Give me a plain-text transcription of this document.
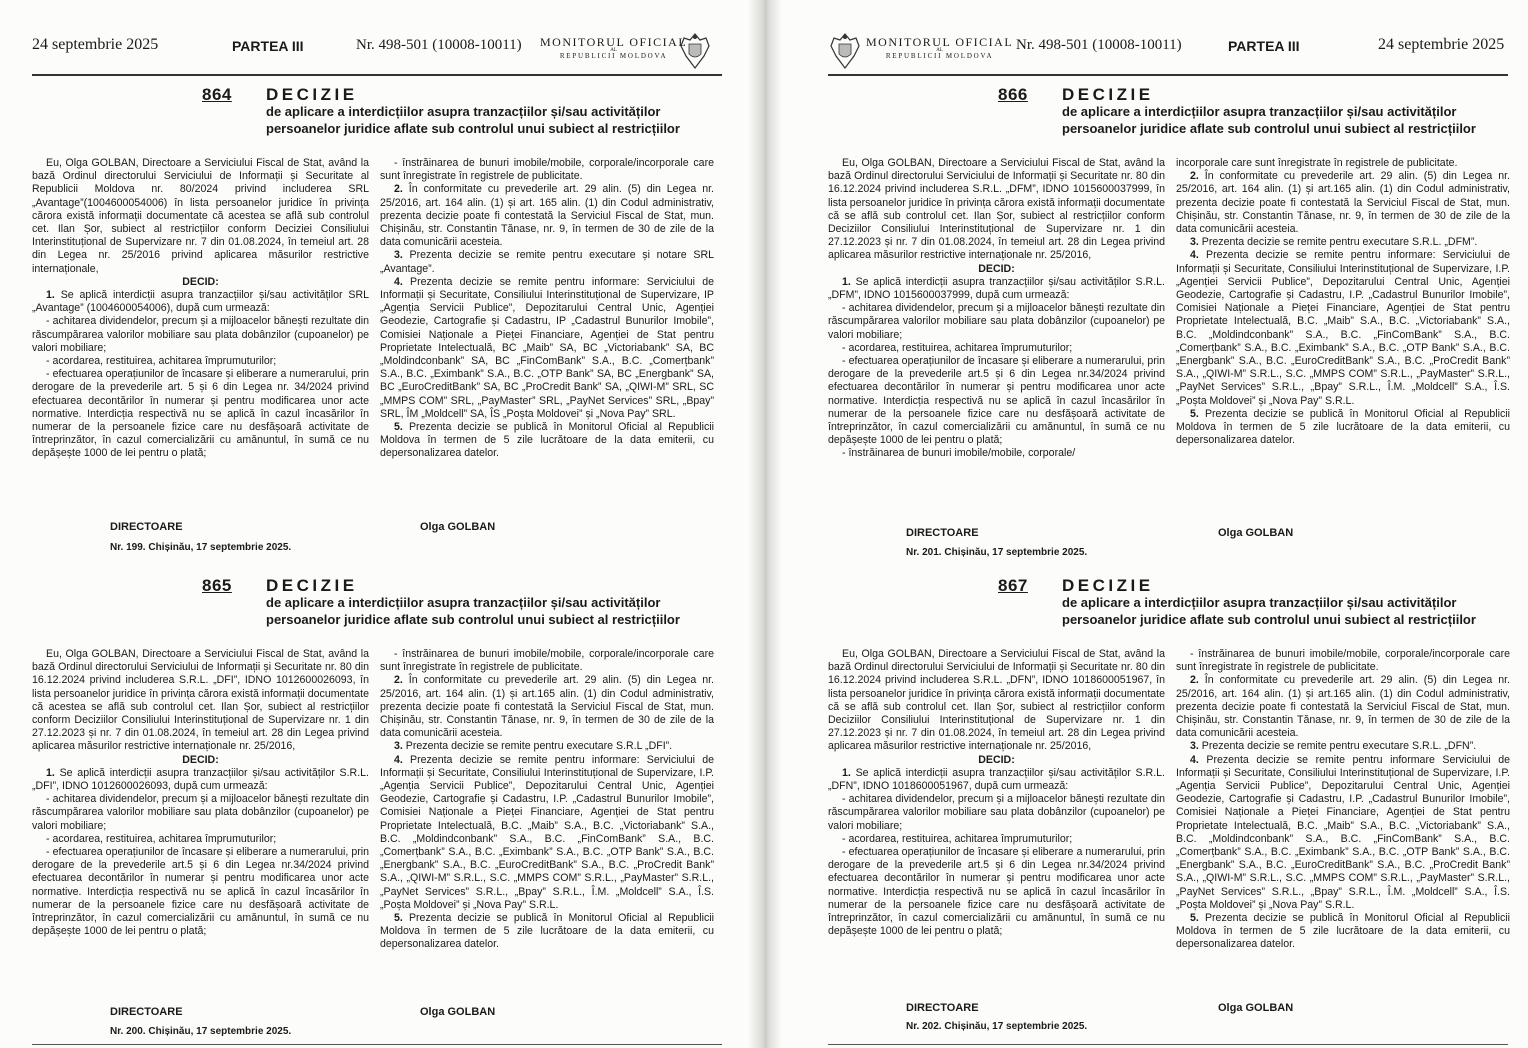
24 septembrie 2025	PARTEA III	Nr. 498-501 (10008-10011) MONITORUL OFICIAL
AL
REPUBLICII MOLDOVA
864 DECIZIE
de aplicare a interdicțiilor asupra tranzacțiilor și/sau activităților persoanelor juridice aflate sub controlul unui subiect al restricțiilor

Eu, Olga GOLBAN, Directoare a Serviciului Fiscal de Stat, având la bază Ordinul directorului Serviciului de Informații și Securitate al Republicii Moldova nr. 80/2024 privind includerea SRL „Avantage”(1004600054006) în lista persoanelor juridice în privința cărora există informații documentate că acestea se află sub controlul cet. Ilan Șor, subiect al restricțiilor conform Deciziei Consiliului Interinstituțional de Supervizare nr. 7 din 01.08.2024, în temeiul art. 28 din Legea nr. 25/2016 privind aplicarea măsurilor restrictive internaționale,

DECID:

1. Se aplică interdicții asupra tranzacțiilor și/sau activităților SRL „Avantage” (1004600054006), după cum urmează:

- achitarea dividendelor, precum și a mijloacelor bănești rezultate din răscumpărarea valorilor mobiliare sau plata dobânzilor (cupoanelor) pe valori mobiliare;

- acordarea, restituirea, achitarea împrumuturilor;

- efectuarea operațiunilor de încasare și eliberare a numerarului, prin derogare de la prevederile art. 5 și 6 din Legea nr. 34/2024 privind efectuarea decontărilor în numerar și pentru modificarea unor acte normative. Interdicția respectivă nu se aplică în cazul încasărilor în numerar de la persoanele fizice care nu desfășoară activitate de întreprinzător, în cazul comercializării cu amănuntul, în sumă ce nu depășește 1000 de lei pentru o plată;

- înstrăinarea de bunuri imobile/mobile, corporale/incorporale care sunt înregistrate în registrele de publicitate.

2. În conformitate cu prevederile art. 29 alin. (5) din Legea nr. 25/2016, art. 164 alin. (1) și art. 165 alin. (1) din Codul administrativ, prezenta decizie poate fi contestată la Serviciul Fiscal de Stat, mun. Chișinău, str. Constantin Tănase, nr. 9, în termen de 30 de zile de la data comunicării acesteia.

3. Prezenta decizie se remite pentru executare și notare SRL „Avantage”.

4. Prezenta decizie se remite pentru informare: Serviciului de Informații și Securitate, Consiliului Interinstituțional de Supervizare, IP „Agenția Servicii Publice”, Depozitarului Central Unic, Agenției Geodezie, Cartografie și Cadastru, IP „Cadastrul Bunurilor Imobile”, Comisiei Naționale a Pieței Financiare, Agenției de Stat pentru Proprietate Intelectuală, BC „Maib” SA, BC „Victoriabank” SA, BC „Moldindconbank” SA, BC „FinComBank” S.A., B.C. „Comerțbank” S.A., B.C. „Eximbank” S.A., B.C. „OTP Bank” SA, BC „Energbank” SA, BC „EuroCreditBank” SA, BC „ProCredit Bank” SA, „QIWI-M” SRL, SC „MMPS COM” SRL, „PayMaster” SRL, „PayNet Services” SRL, „Bpay” SRL, ÎM „Moldcell” SA, ÎS „Poșta Moldovei” și „Nova Pay” SRL.

5. Prezenta decizie se publică în Monitorul Oficial al Republicii Moldova în termen de 5 zile lucrătoare de la data emiterii, cu depersonalizarea datelor.

DIRECTOARE	Olga GOLBAN
Nr. 199. Chișinău, 17 septembrie 2025.
865 DECIZIE
de aplicare a interdicțiilor asupra tranzacțiilor și/sau activităților persoanelor juridice aflate sub controlul unui subiect al restricțiilor

Eu, Olga GOLBAN, Directoare a Serviciului Fiscal de Stat, având la bază Ordinul directorului Serviciului de Informații și Securitate nr. 80 din 16.12.2024 privind includerea S.R.L. „DFI”, IDNO 1012600026093, în lista persoanelor juridice în privința cărora există informații documentate că acestea se află sub controlul cet. Ilan Șor, subiect al restricțiilor conform Deciziilor Consiliului Interinstituțional de Supervizare nr. 1 din 27.12.2023 și nr. 7 din 01.08.2024, în temeiul art. 28 din Legea privind aplicarea măsurilor restrictive internaționale nr. 25/2016,

DECID:

1. Se aplică interdicții asupra tranzacțiilor și/sau activităților S.R.L. „DFI”, IDNO 1012600026093, după cum urmează:

- achitarea dividendelor, precum și a mijloacelor bănești rezultate din răscumpărarea valorilor mobiliare sau plata dobânzilor (cupoanelor) pe valori mobiliare;

- acordarea, restituirea, achitarea împrumuturilor;

- efectuarea operațiunilor de încasare și eliberare a numerarului, prin derogare de la prevederile art.5 și 6 din Legea nr.34/2024 privind efectuarea decontărilor în numerar și pentru modificarea unor acte normative. Interdicția respectivă nu se aplică în cazul încasărilor în numerar de la persoanele fizice care nu desfășoară activitate de întreprinzător, în cazul comercializării cu amănuntul, în sumă ce nu depășește 1000 de lei pentru o plată;

- înstrăinarea de bunuri imobile/mobile, corporale/incorporale care sunt înregistrate în registrele de publicitate.

2. În conformitate cu prevederile art. 29 alin. (5) din Legea nr. 25/2016, art. 164 alin. (1) și art.165 alin. (1) din Codul administrativ, prezenta decizie poate fi contestată la Serviciul Fiscal de Stat, mun. Chișinău, str. Constantin Tănase, nr. 9, în termen de 30 de zile de la data comunicării acesteia.

3. Prezenta decizie se remite pentru executare S.R.L „DFI”.

4. Prezenta decizie se remite pentru informare: Serviciului de Informații și Securitate, Consiliului Interinstituțional de Supervizare, I.P. „Agenția Servicii Publice”, Depozitarului Central Unic, Agenției Geodezie, Cartografie și Cadastru, I.P. „Cadastrul Bunurilor Imobile”, Comisiei Naționale a Pieței Financiare, Agenției de Stat pentru Proprietate Intelectuală, B.C. „Maib” S.A., B.C. „Victoriabank” S.A., B.C. „Moldindconbank” S.A., B.C. „FinComBank” S.A., B.C. „Comerțbank” S.A., B.C. „Eximbank” S.A., B.C. „OTP Bank” S.A., B.C. „Energbank” S.A., B.C. „EuroCreditBank” S.A., B.C. „ProCredit Bank” S.A., „QIWI-M” S.R.L., S.C. „MMPS COM” S.R.L., „PayMaster” S.R.L., „PayNet Services” S.R.L., „Bpay” S.R.L., Î.M. „Moldcell” S.A., Î.S. „Poșta Moldovei” și „Nova Pay” S.R.L.

5. Prezenta decizie se publică în Monitorul Oficial al Republicii Moldova în termen de 5 zile lucrătoare de la data emiterii, cu depersonalizarea datelor.

DIRECTOARE	Olga GOLBAN
Nr. 200. Chișinău, 17 septembrie 2025.
MONITORUL OFICIAL
AL
REPUBLICII MOLDOVA
Nr. 498-501 (10008-10011)	PARTEA III	24 septembrie 2025
866 DECIZIE
de aplicare a interdicțiilor asupra tranzacțiilor și/sau activităților persoanelor juridice aflate sub controlul unui subiect al restricțiilor

Eu, Olga GOLBAN, Directoare a Serviciului Fiscal de Stat, având la bază Ordinul directorului Serviciului de Informații și Securitate nr. 80 din 16.12.2024 privind includerea S.R.L. „DFM”, IDNO 1015600037999, în lista persoanelor juridice în privința cărora există informații documentate că se află sub controlul cet. Ilan Șor, subiect al restricțiilor conform Deciziilor Consiliului Interinstituțional de Supervizare nr. 1 din 27.12.2023 și nr. 7 din 01.08.2024, în temeiul art. 28 din Legea privind aplicarea măsurilor restrictive internaționale nr. 25/2016,

DECID:

1. Se aplică interdicții asupra tranzacțiilor și/sau activităților S.R.L. „DFM”, IDNO 1015600037999, după cum urmează:

- achitarea dividendelor, precum și a mijloacelor bănești rezultate din răscumpărarea valorilor mobiliare sau plata dobânzilor (cupoanelor) pe valori mobiliare;

- acordarea, restituirea, achitarea împrumuturilor;

- efectuarea operațiunilor de încasare și eliberare a numerarului, prin derogare de la prevederile art.5 și 6 din Legea nr.34/2024 privind efectuarea decontărilor în numerar și pentru modificarea unor acte normative. Interdicția respectivă nu se aplică în cazul încasărilor în numerar de la persoanele fizice care nu desfășoară activitate de întreprinzător, în cazul comercializării cu amănuntul, în sumă ce nu depășește 1000 de lei pentru o plată;

- înstrăinarea de bunuri imobile/mobile, corporale/

incorporale care sunt înregistrate în registrele de publicitate.

2. În conformitate cu prevederile art. 29 alin. (5) din Legea nr. 25/2016, art. 164 alin. (1) și art.165 alin. (1) din Codul administrativ, prezenta decizie poate fi contestată la Serviciul Fiscal de Stat, mun. Chișinău, str. Constantin Tănase, nr. 9, în termen de 30 de zile de la data comunicării acesteia.

3. Prezenta decizie se remite pentru executare S.R.L. „DFM”.

4. Prezenta decizie se remite pentru informare: Serviciului de Informații și Securitate, Consiliului Interinstituțional de Supervizare, I.P. „Agenției Servicii Publice”, Depozitarului Central Unic, Agenției Geodezie, Cartografie și Cadastru, I.P. „Cadastrul Bunurilor Imobile”, Comisiei Naționale a Pieței Financiare, Agenției de Stat pentru Proprietate Intelectuală, B.C. „Maib” S.A., B.C. „Victoriabank” S.A., B.C. „Moldindconbank” S.A., B.C. „FinComBank” S.A., B.C. „Comerțbank” S.A., B.C. „Eximbank” S.A., B.C. „OTP Bank” S.A., B.C. „Energbank” S.A., B.C. „EuroCreditBank” S.A., B.C. „ProCredit Bank” S.A., „QIWI-M” S.R.L., S.C. „MMPS COM” S.R.L., „PayMaster” S.R.L., „PayNet Services” S.R.L., „Bpay” S.R.L., Î.M. „Moldcell” S.A., Î.S. „Poșta Moldovei” și „Nova Pay” S.R.L.

5. Prezenta decizie se publică în Monitorul Oficial al Republicii Moldova în termen de 5 zile lucrătoare de la data emiterii, cu depersonalizarea datelor.

DIRECTOARE	Olga GOLBAN
Nr. 201. Chișinău, 17 septembrie 2025.
867 DECIZIE
de aplicare a interdicțiilor asupra tranzacțiilor și/sau activităților persoanelor juridice aflate sub controlul unui subiect al restricțiilor

Eu, Olga GOLBAN, Directoare a Serviciului Fiscal de Stat, având la bază Ordinul directorului Serviciului de Informații și Securitate nr. 80 din 16.12.2024 privind includerea S.R.L. „DFN”, IDNO 1018600051967, în lista persoanelor juridice în privința cărora există informații documentate că se află sub controlul cet. Ilan Șor, subiect al restricțiilor conform Deciziilor Consiliului Interinstituțional de Supervizare nr. 1 din 27.12.2023 și nr. 7 din 01.08.2024, în temeiul art. 28 din Legea privind aplicarea măsurilor restrictive internaționale nr. 25/2016,

DECID:

1. Se aplică interdicții asupra tranzacțiilor și/sau activităților S.R.L. „DFN”, IDNO 1018600051967, după cum urmează:

- achitarea dividendelor, precum și a mijloacelor bănești rezultate din răscumpărarea valorilor mobiliare sau plata dobânzilor (cupoanelor) pe valori mobiliare;

- acordarea, restituirea, achitarea împrumuturilor;

- efectuarea operațiunilor de încasare și eliberare a numerarului, prin derogare de la prevederile art.5 și 6 din Legea nr.34/2024 privind efectuarea decontărilor în numerar și pentru modificarea unor acte normative. Interdicția respectivă nu se aplică în cazul încasărilor în numerar de la persoanele fizice care nu desfășoară activitate de întreprinzător, în cazul comercializării cu amănuntul, în sumă ce nu depășește 1000 de lei pentru o plată;

- înstrăinarea de bunuri imobile/mobile, corporale/incorporale care sunt înregistrate în registrele de publicitate.

2. În conformitate cu prevederile art. 29 alin. (5) din Legea nr. 25/2016, art. 164 alin. (1) și art.165 alin. (1) din Codul administrativ, prezenta decizie poate fi contestată la Serviciul Fiscal de Stat, mun. Chișinău, str. Constantin Tănase, nr. 9, în termen de 30 de zile de la data comunicării acesteia.

3. Prezenta decizie se remite pentru executare S.R.L. „DFN”.

4. Prezenta decizie se remite pentru informare Serviciului de Informații și Securitate, Consiliului Interinstituțional de Supervizare, I.P. „Agenția Servicii Publice”, Depozitarului Central Unic, Agenției Geodezie, Cartografie și Cadastru, I.P. „Cadastrul Bunurilor Imobile”, Comisiei Naționale a Pieței Financiare, Agenției de Stat pentru Proprietate Intelectuală, B.C. „Maib” S.A., B.C. „Victoriabank” S.A., B.C. „Moldindconbank” S.A., B.C. „FinComBank” S.A., B.C. „Comerțbank” S.A., B.C. „Eximbank” S.A., B.C. „OTP Bank” S.A., B.C. „Energbank” S.A., B.C. „EuroCreditBank” S.A., B.C. „ProCredit Bank” S.A., „QIWI-M” S.R.L., S.C. „MMPS COM” S.R.L., „PayMaster” S.R.L., „PayNet Services” S.R.L., „Bpay” S.R.L., Î.M. „Moldcell” S.A., Î.S. „Poșta Moldovei” și „Nova Pay” S.R.L.

5. Prezenta decizie se publică în Monitorul Oficial al Republicii Moldova în termen de 5 zile lucrătoare de la data emiterii, cu depersonalizarea datelor.

DIRECTOARE	Olga GOLBAN
Nr. 202. Chișinău, 17 septembrie 2025.
